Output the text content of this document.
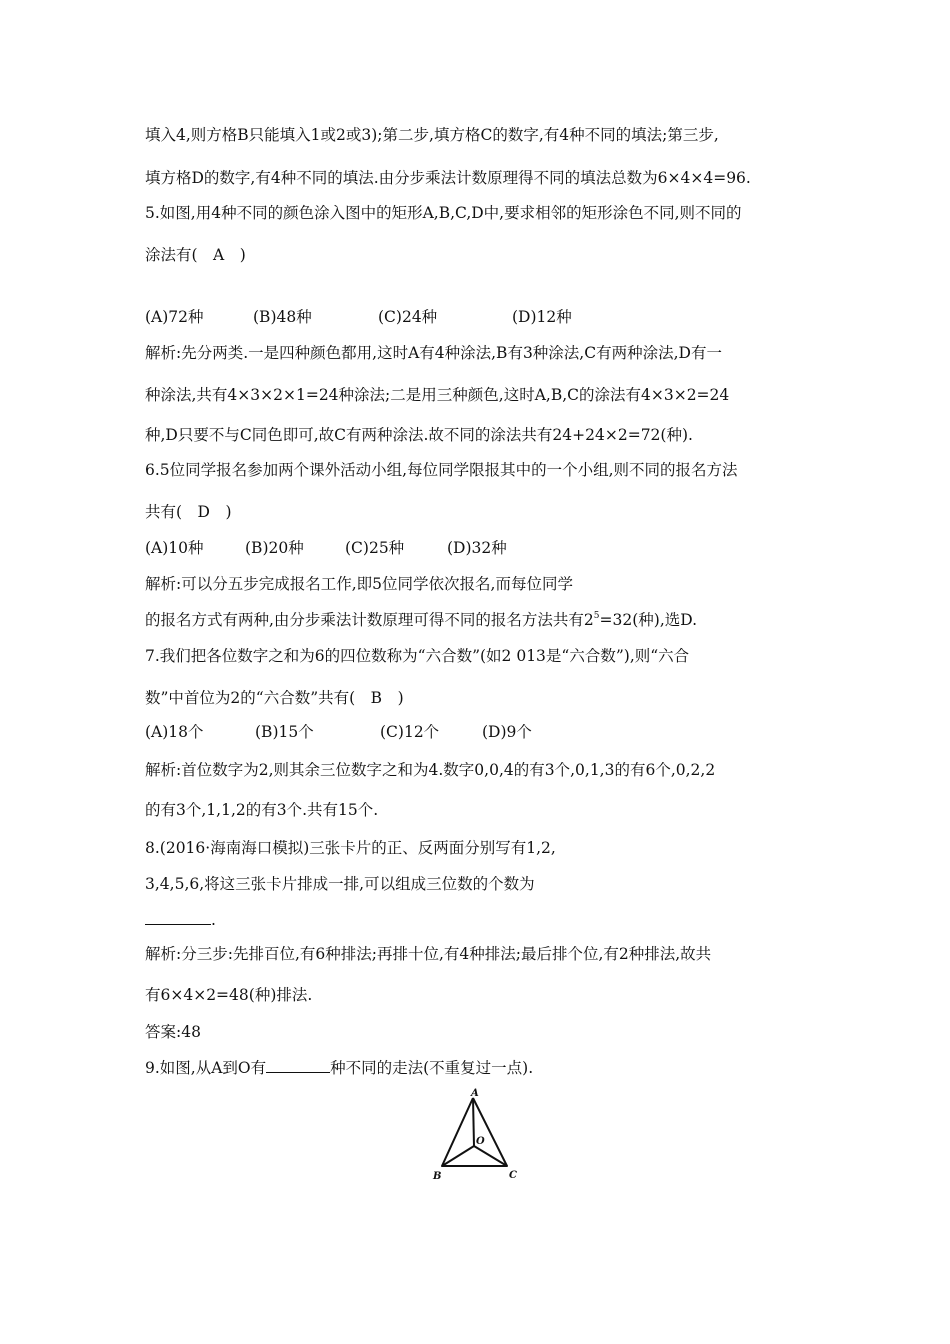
填入4,则方格B只能填入1或2或3);第二步,填方格C的数字,有4种不同的填法;第三步,
填方格D的数字,有4种不同的填法.由分步乘法计数原理得不同的填法总数为6×4×4=96.
5.如图,用4种不同的颜色涂入图中的矩形A,B,C,D中,要求相邻的矩形涂色不同,则不同的
涂法有(　A　)
(A)72种	(B)48种	(C)24种	(D)12种
解析:先分两类.一是四种颜色都用,这时A有4种涂法,B有3种涂法,C有两种涂法,D有一
种涂法,共有4×3×2×1=24种涂法;二是用三种颜色,这时A,B,C的涂法有4×3×2=24
种,D只要不与C同色即可,故C有两种涂法.故不同的涂法共有24+24×2=72(种).
6.5位同学报名参加两个课外活动小组,每位同学限报其中的一个小组,则不同的报名方法
共有(　D　)
(A)10种	(B)20种	(C)25种	(D)32种
解析:可以分五步完成报名工作,即5位同学依次报名,而每位同学
的报名方式有两种,由分步乘法计数原理可得不同的报名方法共有$2^5=32$(种),选D.
7.我们把各位数字之和为6的四位数称为“六合数”(如2 013是“六合数”),则“六合
数”中首位为2的“六合数”共有(　B　)
(A)18个	(B)15个	(C)12个	(D)9个
解析:首位数字为2,则其余三位数字之和为4.数字0,0,4的有3个,0,1,3的有6个,0,2,2
的有3个,1,1,2的有3个.共有15个.
8.(2016·海南海口模拟)三张卡片的正、反两面分别写有1,2,
3,4,5,6,将这三张卡片排成一排,可以组成三位数的个数为
.
解析:分三步:先排百位,有6种排法;再排十位,有4种排法;最后排个位,有2种排法,故共
有6×4×2=48(种)排法.
答案:48
9.如图,从A到O有	种不同的走法(不重复过一点).
A
O
B	C
